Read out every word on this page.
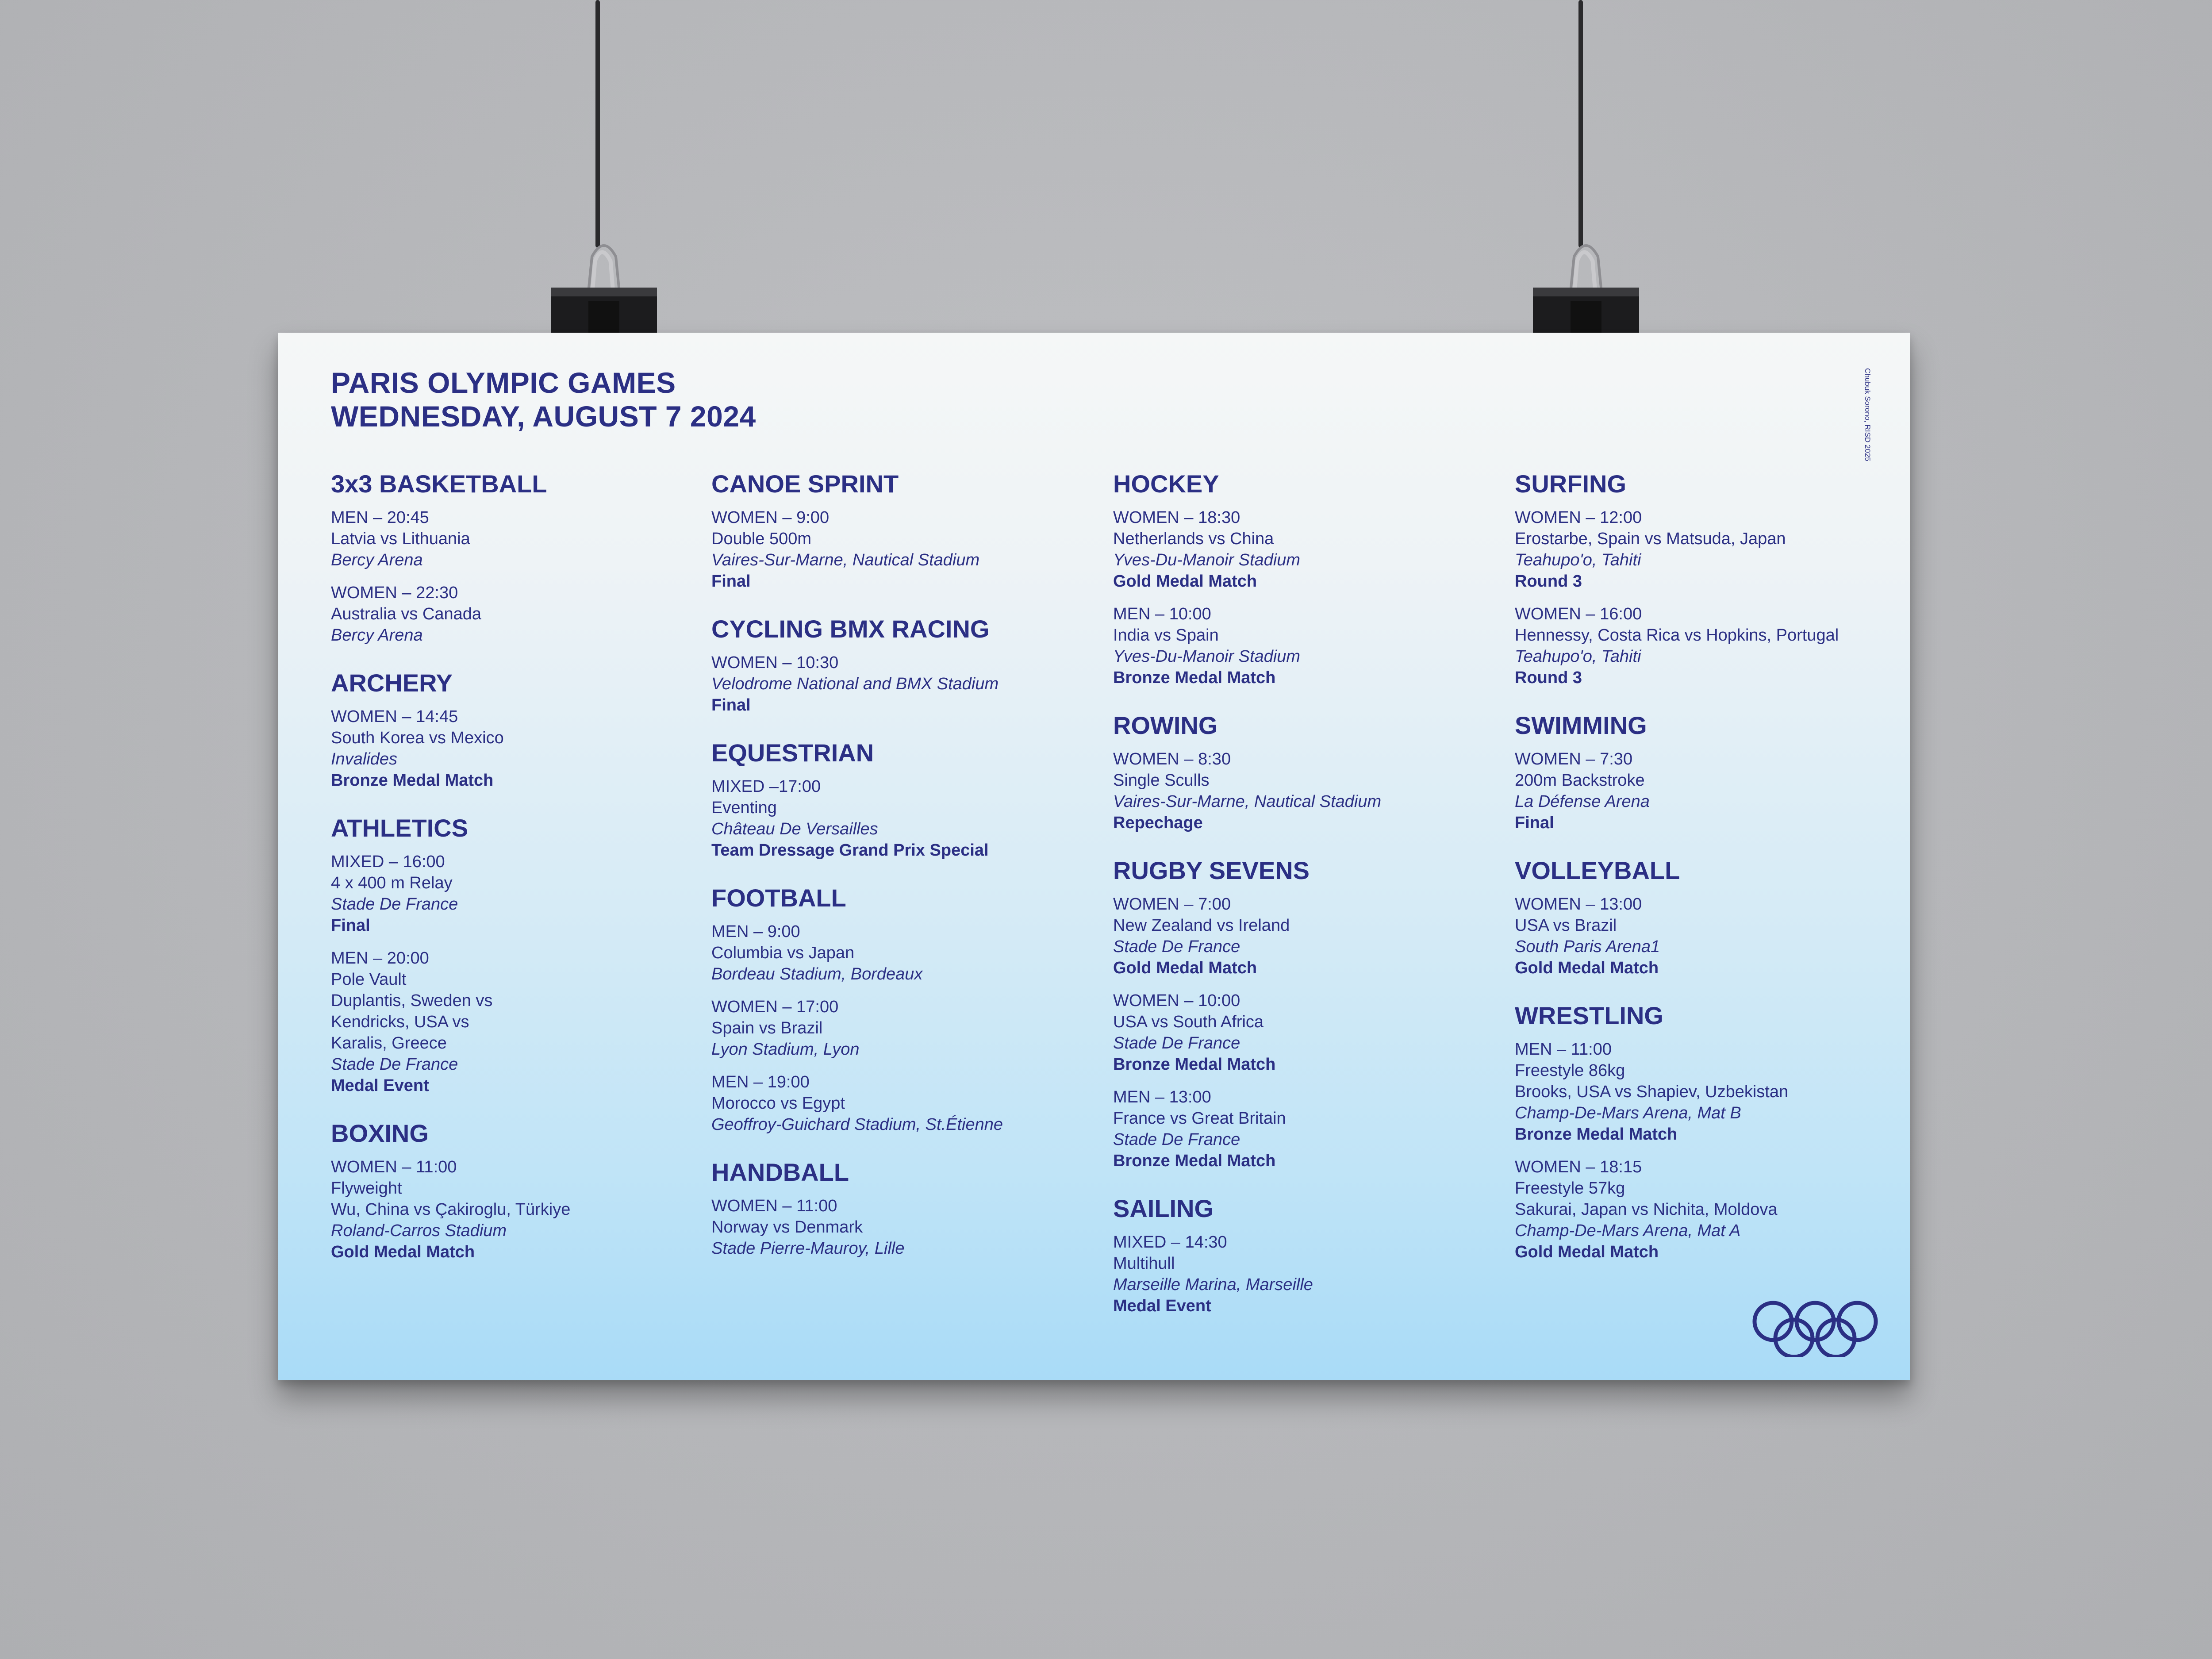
PARIS OLYMPIC GAMES
WEDNESDAY, AUGUST 7 2024	Chubuk Sorono, RISD 2025
3x3 BASKETBALL
MEN – 20:45
Latvia vs Lithuania
Bercy Arena
WOMEN – 22:30
Australia vs Canada
Bercy Arena
ARCHERY
WOMEN – 14:45
South Korea vs Mexico
Invalides
Bronze Medal Match
ATHLETICS
MIXED – 16:00
4 x 400 m Relay
Stade De France
Final
MEN – 20:00
Pole Vault
Duplantis, Sweden vs
Kendricks, USA vs
Karalis, Greece
Stade De France
Medal Event
BOXING
WOMEN – 11:00
Flyweight
Wu, China vs Çakiroglu, Türkiye
Roland-Carros Stadium
Gold Medal Match
CANOE SPRINT
WOMEN – 9:00
Double 500m
Vaires-Sur-Marne, Nautical Stadium
Final
CYCLING BMX RACING
WOMEN – 10:30
Velodrome National and BMX Stadium
Final
EQUESTRIAN
MIXED –17:00
Eventing
Château De Versailles
Team Dressage Grand Prix Special
FOOTBALL
MEN – 9:00
Columbia vs Japan
Bordeau Stadium, Bordeaux
WOMEN – 17:00
Spain vs Brazil
Lyon Stadium, Lyon
MEN – 19:00
Morocco vs Egypt
Geoffroy-Guichard Stadium, St.Étienne
HANDBALL
WOMEN – 11:00
Norway vs Denmark
Stade Pierre-Mauroy, Lille
HOCKEY
WOMEN – 18:30
Netherlands vs China
Yves-Du-Manoir Stadium
Gold Medal Match
MEN – 10:00
India vs Spain
Yves-Du-Manoir Stadium
Bronze Medal Match
ROWING
WOMEN – 8:30
Single Sculls
Vaires-Sur-Marne, Nautical Stadium
Repechage
RUGBY SEVENS
WOMEN – 7:00
New Zealand vs Ireland
Stade De France
Gold Medal Match
WOMEN – 10:00
USA vs South Africa
Stade De France
Bronze Medal Match
MEN – 13:00
France vs Great Britain
Stade De France
Bronze Medal Match
SAILING
MIXED – 14:30
Multihull
Marseille Marina, Marseille
Medal Event
SURFING
WOMEN – 12:00
Erostarbe, Spain vs Matsuda, Japan
Teahupo'o, Tahiti
Round 3
WOMEN – 16:00
Hennessy, Costa Rica vs Hopkins, Portugal
Teahupo'o, Tahiti
Round 3
SWIMMING
WOMEN – 7:30
200m Backstroke
La Défense Arena
Final
VOLLEYBALL
WOMEN – 13:00
USA vs Brazil
South Paris Arena1
Gold Medal Match
WRESTLING
MEN – 11:00
Freestyle 86kg
Brooks, USA vs Shapiev, Uzbekistan
Champ-De-Mars Arena, Mat B
Bronze Medal Match
WOMEN – 18:15
Freestyle 57kg
Sakurai, Japan vs Nichita, Moldova
Champ-De-Mars Arena, Mat A
Gold Medal Match
